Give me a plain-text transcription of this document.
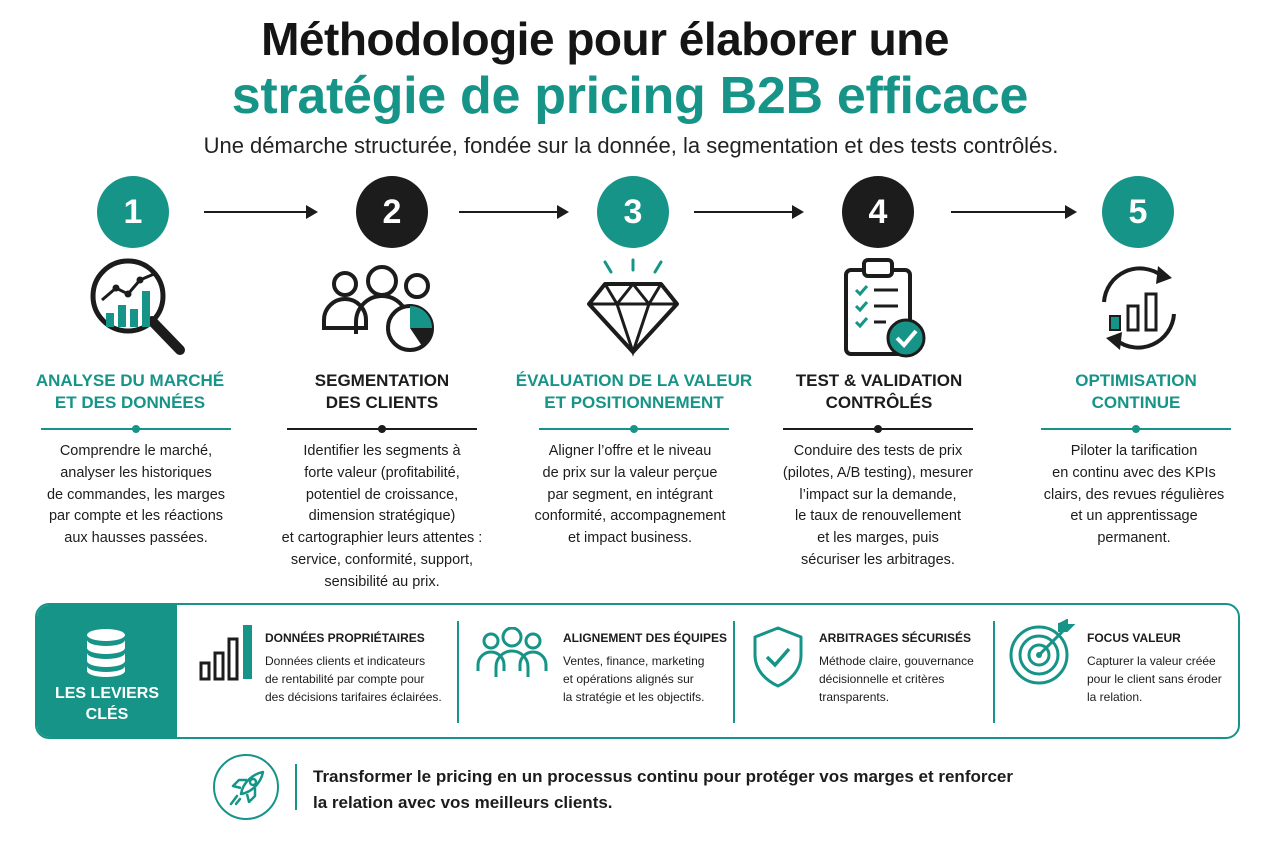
Méthodologie pour élaborer une
stratégie de pricing B2B efficace
Une démarche structurée, fondée sur la donnée, la segmentation et des tests contrôlés.
1	2	3	4	5
ANALYSE DU MARCHÉ
ET DES DONNÉES
SEGMENTATION
DES CLIENTS
ÉVALUATION DE LA VALEUR
ET POSITIONNEMENT
TEST & VALIDATION
CONTRÔLÉS
OPTIMISATION
CONTINUE
Comprendre le marché,
analyser les historiques
de commandes, les marges
par compte et les réactions
aux hausses passées.
Identifier les segments à
forte valeur (profitabilité,
potentiel de croissance,
dimension stratégique)
et cartographier leurs attentes :
service, conformité, support,
sensibilité au prix.
Aligner l’offre et le niveau
de prix sur la valeur perçue
par segment, en intégrant
conformité, accompagnement
et impact business.
Conduire des tests de prix
(pilotes, A/B testing), mesurer
l’impact sur la demande,
le taux de renouvellement
et les marges, puis
sécuriser les arbitrages.
Piloter la tarification
en continu avec des KPIs
clairs, des revues régulières
et un apprentissage
permanent.
LES LEVIERS
CLÉS
DONNÉES PROPRIÉTAIRES
Données clients et indicateurs
de rentabilité par compte pour
des décisions tarifaires éclairées.
ALIGNEMENT DES ÉQUIPES
Ventes, finance, marketing
et opérations alignés sur
la stratégie et les objectifs.
ARBITRAGES SÉCURISÉS
Méthode claire, gouvernance
décisionnelle et critères
transparents.
FOCUS VALEUR
Capturer la valeur créée
pour le client sans éroder
la relation.
Transformer le pricing en un processus continu pour protéger vos marges et renforcer
la relation avec vos meilleurs clients.
